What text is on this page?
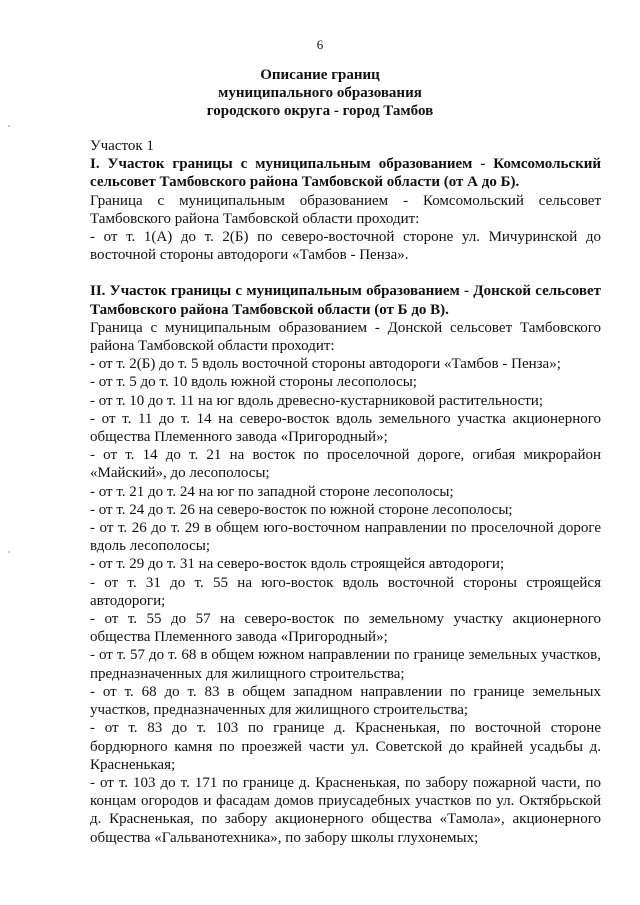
6
Описание границ
муниципального образования
городского округа - город Тамбов

Участок 1

I. Участок границы с муниципальным образованием - Комсомольский сельсовет Тамбовского района Тамбовской области (от А до Б).

Граница с муниципальным образованием - Комсомольский сельсовет Тамбовского района Тамбовской области проходит:

- от т. 1(А) до т. 2(Б) по северо-восточной стороне ул. Мичуринской до восточной стороны автодороги «Тамбов - Пенза».

II. Участок границы с муниципальным образованием - Донской сельсовет Тамбовского района Тамбовской области (от Б до В).

Граница с муниципальным образованием - Донской сельсовет Тамбовского района Тамбовской области проходит:

- от т. 2(Б) до т. 5 вдоль восточной стороны автодороги «Тамбов - Пенза»;

- от т. 5 до т. 10 вдоль южной стороны лесополосы;

- от т. 10 до т. 11 на юг вдоль древесно-кустарниковой растительности;

- от т. 11 до т. 14 на северо-восток вдоль земельного участка акционерного общества Племенного завода «Пригородный»;

- от т. 14 до т. 21 на восток по проселочной дороге, огибая микрорайон «Майский», до лесополосы;

- от т. 21 до т. 24 на юг по западной стороне лесополосы;

- от т. 24 до т. 26 на северо-восток по южной стороне лесополосы;

- от т. 26 до т. 29 в общем юго-восточном направлении по проселочной дороге вдоль лесополосы;

- от т. 29 до т. 31 на северо-восток вдоль строящейся автодороги;

- от т. 31 до т. 55 на юго-восток вдоль восточной стороны строящейся автодороги;

- от т. 55 до 57 на северо-восток по земельному участку акционерного общества Племенного завода «Пригородный»;

- от т. 57 до т. 68 в общем южном направлении по границе земельных участков, предназначенных для жилищного строительства;

- от т. 68 до т. 83 в общем западном направлении по границе земельных участков, предназначенных для жилищного строительства;

- от т. 83 до т. 103 по границе д. Красненькая, по восточной стороне бордюрного камня по проезжей части ул. Советской до крайней усадьбы д. Красненькая;

- от т. 103 до т. 171 по границе д. Красненькая, по забору пожарной части, по концам огородов и фасадам домов приусадебных участков по ул. Октябрьской д. Красненькая, по забору акционерного общества «Тамола», акционерного общества «Гальванотехника», по забору школы глухонемых;
